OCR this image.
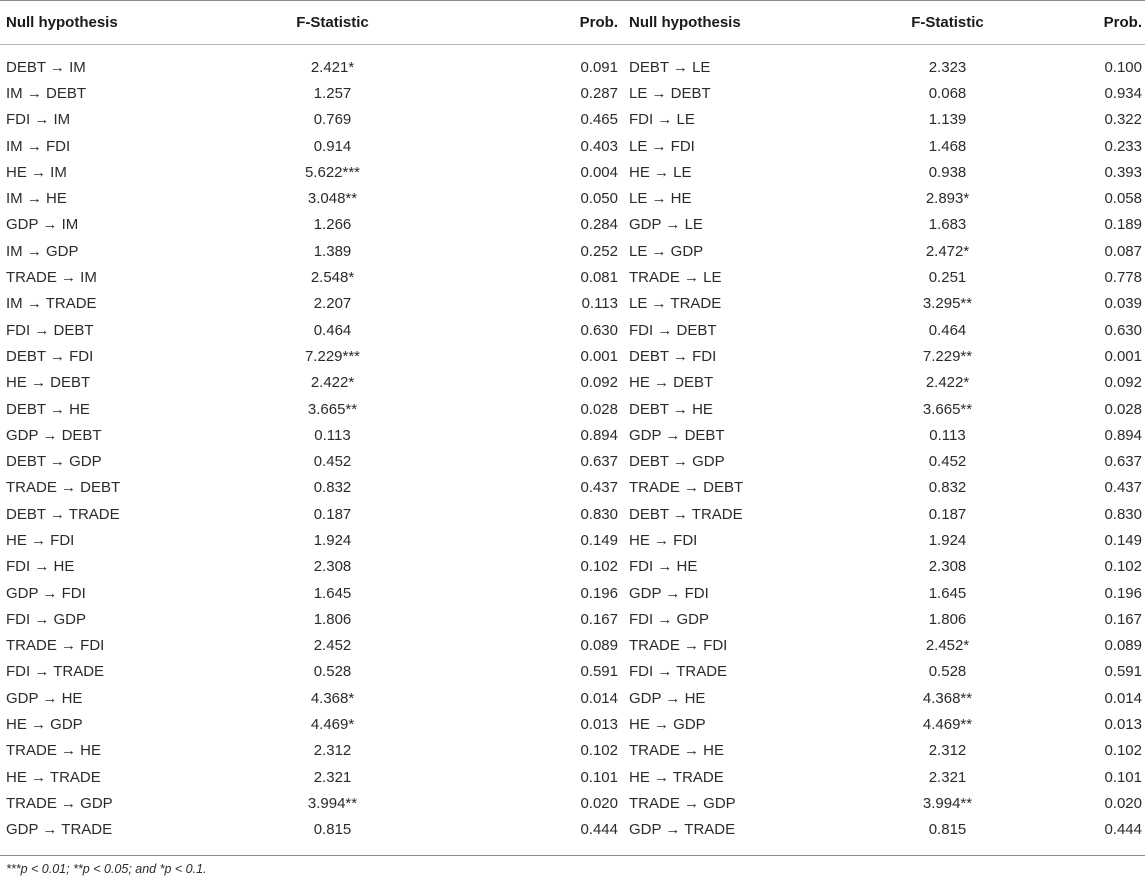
Null hypothesis	F-Statistic	Prob.	Null hypothesis	F-Statistic	Prob.

DEBT → IM	2.421*	0.091	DEBT → LE	2.323	0.100
IM → DEBT	1.257	0.287	LE → DEBT	0.068	0.934
FDI → IM	0.769	0.465	FDI → LE	1.139	0.322
IM → FDI	0.914	0.403	LE → FDI	1.468	0.233
HE → IM	5.622***	0.004	HE → LE	0.938	0.393
IM → HE	3.048**	0.050	LE → HE	2.893*	0.058
GDP → IM	1.266	0.284	GDP → LE	1.683	0.189
IM → GDP	1.389	0.252	LE → GDP	2.472*	0.087
TRADE → IM	2.548*	0.081	TRADE → LE	0.251	0.778
IM → TRADE	2.207	0.113	LE → TRADE	3.295**	0.039
FDI → DEBT	0.464	0.630	FDI → DEBT	0.464	0.630
DEBT → FDI	7.229***	0.001	DEBT → FDI	7.229**	0.001
HE → DEBT	2.422*	0.092	HE → DEBT	2.422*	0.092
DEBT → HE	3.665**	0.028	DEBT → HE	3.665**	0.028
GDP → DEBT	0.113	0.894	GDP → DEBT	0.113	0.894
DEBT → GDP	0.452	0.637	DEBT → GDP	0.452	0.637
TRADE → DEBT	0.832	0.437	TRADE → DEBT	0.832	0.437
DEBT → TRADE	0.187	0.830	DEBT → TRADE	0.187	0.830
HE → FDI	1.924	0.149	HE → FDI	1.924	0.149
FDI → HE	2.308	0.102	FDI → HE	2.308	0.102
GDP → FDI	1.645	0.196	GDP → FDI	1.645	0.196
FDI → GDP	1.806	0.167	FDI → GDP	1.806	0.167
TRADE → FDI	2.452	0.089	TRADE → FDI	2.452*	0.089
FDI → TRADE	0.528	0.591	FDI → TRADE	0.528	0.591
GDP → HE	4.368*	0.014	GDP → HE	4.368**	0.014
HE → GDP	4.469*	0.013	HE → GDP	4.469**	0.013
TRADE → HE	2.312	0.102	TRADE → HE	2.312	0.102
HE → TRADE	2.321	0.101	HE → TRADE	2.321	0.101
TRADE → GDP	3.994**	0.020	TRADE → GDP	3.994**	0.020
GDP → TRADE	0.815	0.444	GDP → TRADE	0.815	0.444
***p < 0.01; **p < 0.05; and *p < 0.1.
